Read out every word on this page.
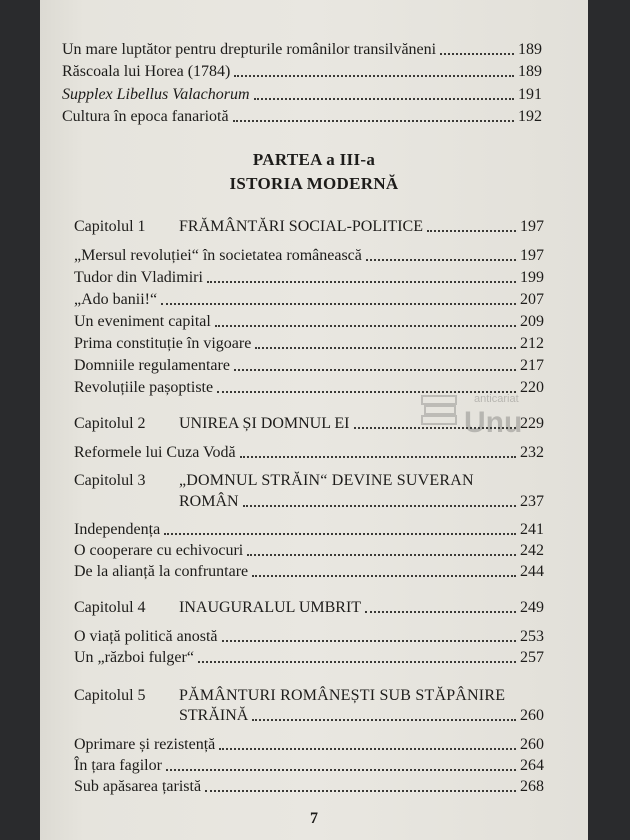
Un mare luptător pentru drepturile românilor transilvăneni	189
Răscoala lui Horea (1784)	189
Supplex Libellus Valachorum	191
Cultura în epoca fanariotă	192
PARTEA a III-a
ISTORIA MODERNĂ
Capitolul 1	FRĂMÂNTĂRI SOCIAL-POLITICE	197
„Mersul revoluției“ în societatea românească	197
Tudor din Vladimiri	199
„Ado banii!“	207
Un eveniment capital	209
Prima constituție în vigoare	212
Domniile regulamentare	217
Revoluțiile pașoptiste	220
Capitolul 2	UNIREA ȘI DOMNUL EI	229
Reformele lui Cuza Vodă	232
Capitolul 3 „DOMNUL STRĂIN“ DEVINE SUVERAN
ROMÂN	237
Independența	241
O cooperare cu echivocuri	242
De la alianță la confruntare	244
Capitolul 4	INAUGURALUL UMBRIT	249
O viață politică anostă	253
Un „război fulger“	257
Capitolul 5 PĂMÂNTURI ROMÂNEȘTI SUB STĂPÂNIRE
STRĂINĂ	260
Oprimare și rezistență	260
În țara fagilor	264
Sub apăsarea țaristă	268
7
anticariat
Unu
